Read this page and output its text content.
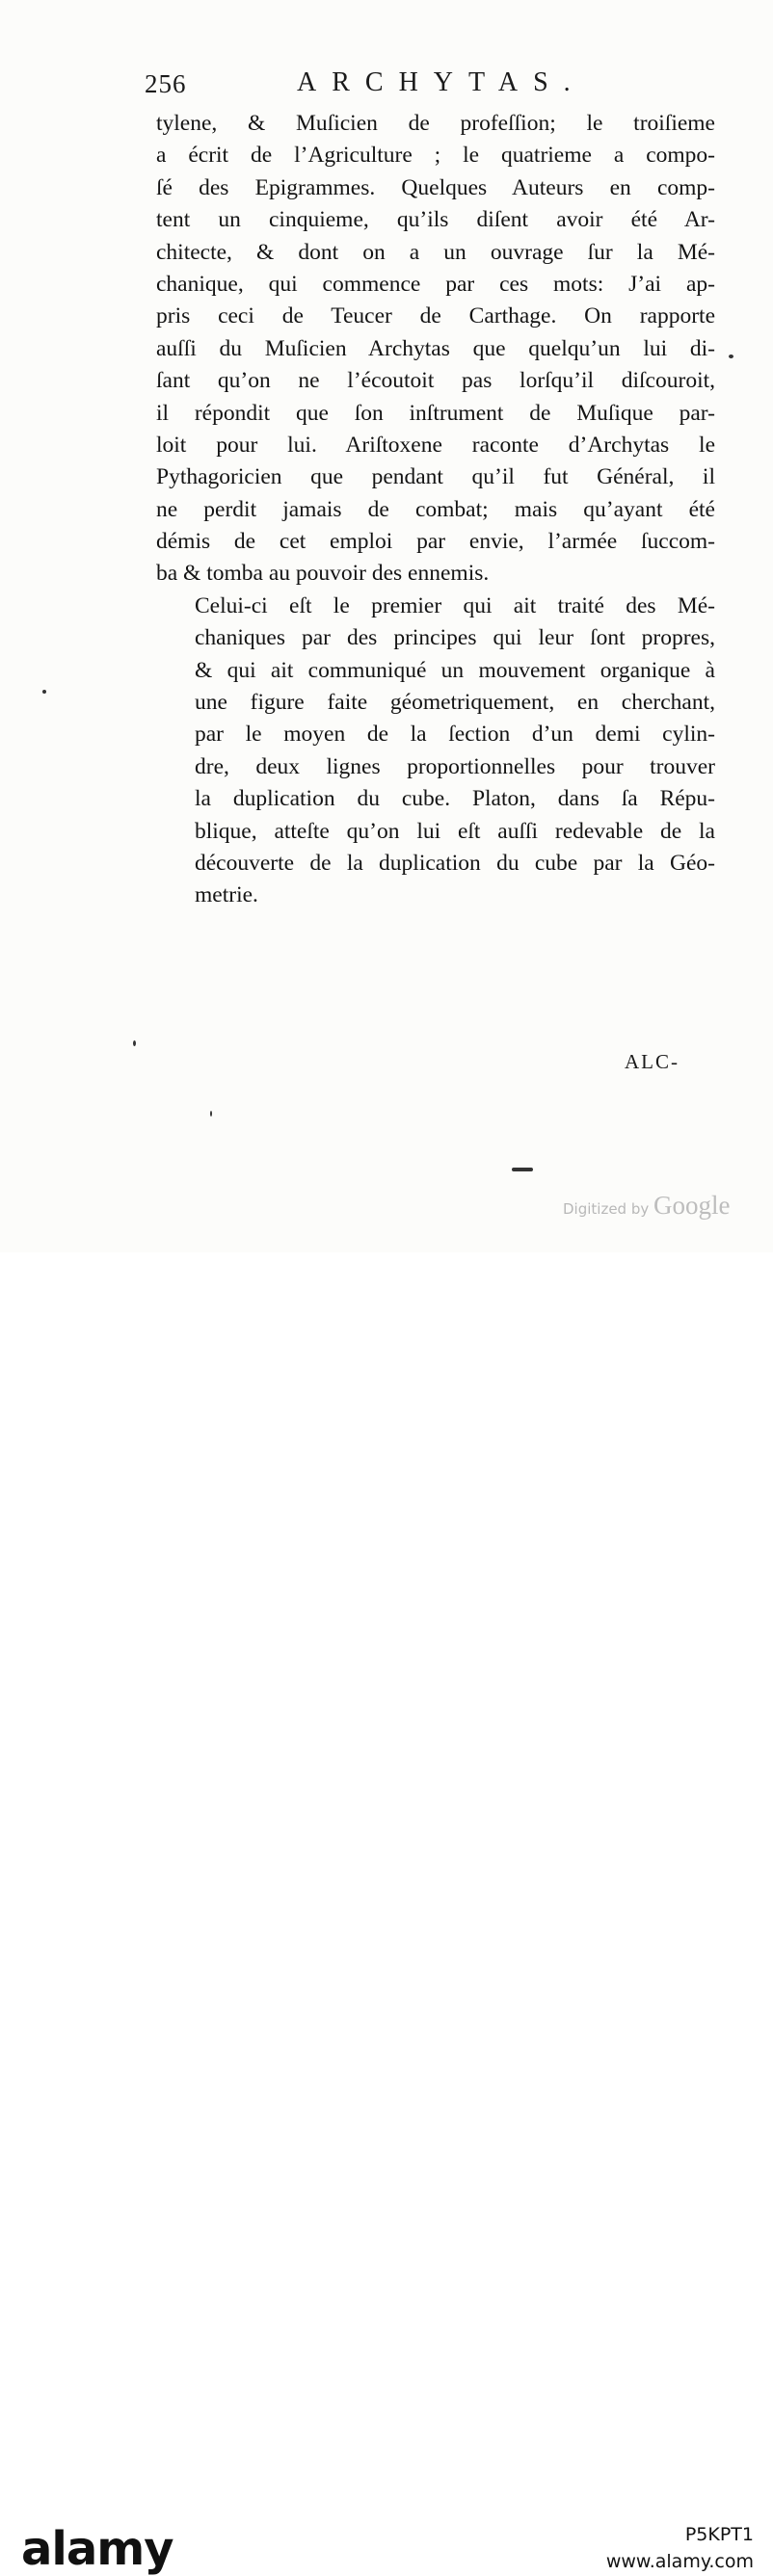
256	ARCHYTAS.
tylene, & Muſicien de profeſſion; le troiſieme
a écrit de l’Agriculture ; le quatrieme a compo-
ſé des Epigrammes. Quelques Auteurs en comp-
tent un cinquieme, qu’ils diſent avoir été Ar-
chitecte, & dont on a un ouvrage ſur la Mé-
chanique, qui commence par ces mots: J’ai ap-
pris ceci de Teucer de Carthage. On rapporte
auſſi du Muſicien Archytas que quelqu’un lui di-
ſant qu’on ne l’écoutoit pas lorſqu’il diſcouroit,
il répondit que ſon inſtrument de Muſique par-
loit pour lui. Ariſtoxene raconte d’Archytas le
Pythagoricien que pendant qu’il fut Général, il
ne perdit jamais de combat; mais qu’ayant été
démis de cet emploi par envie, l’armée ſuccom-
ba & tomba au pouvoir des ennemis.
Celui-ci eſt le premier qui ait traité des Mé-
chaniques par des principes qui leur ſont propres,
& qui ait communiqué un mouvement organique à
une figure faite géometriquement, en cherchant,
par le moyen de la ſection d’un demi cylin-
dre, deux lignes proportionnelles pour trouver
la duplication du cube. Platon, dans ſa Répu-
blique, atteſte qu’on lui eſt auſſi redevable de la
découverte de la duplication du cube par la Géo-
metrie.
ALC-
Digitized by Google
alamy	P5KPT1
www.alamy.com
